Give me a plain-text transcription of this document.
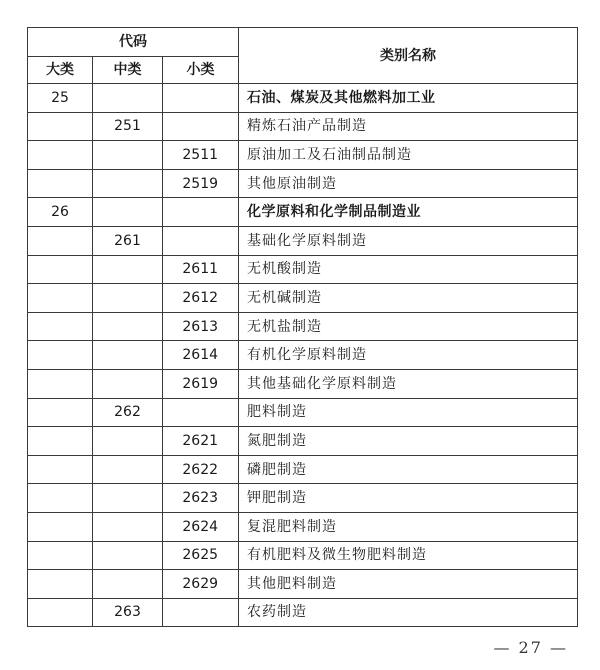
代码			类别名称
大类	中类	小类	
25			石油、煤炭及其他燃料加工业
	251		精炼石油产品制造
		2511	原油加工及石油制品制造
		2519	其他原油制造
26			化学原料和化学制品制造业
	261		基础化学原料制造
		2611	无机酸制造
		2612	无机碱制造
		2613	无机盐制造
		2614	有机化学原料制造
		2619	其他基础化学原料制造
	262		肥料制造
		2621	氮肥制造
		2622	磷肥制造
		2623	钾肥制造
		2624	复混肥料制造
		2625	有机肥料及微生物肥料制造
		2629	其他肥料制造
	263		农药制造
— 27 —
